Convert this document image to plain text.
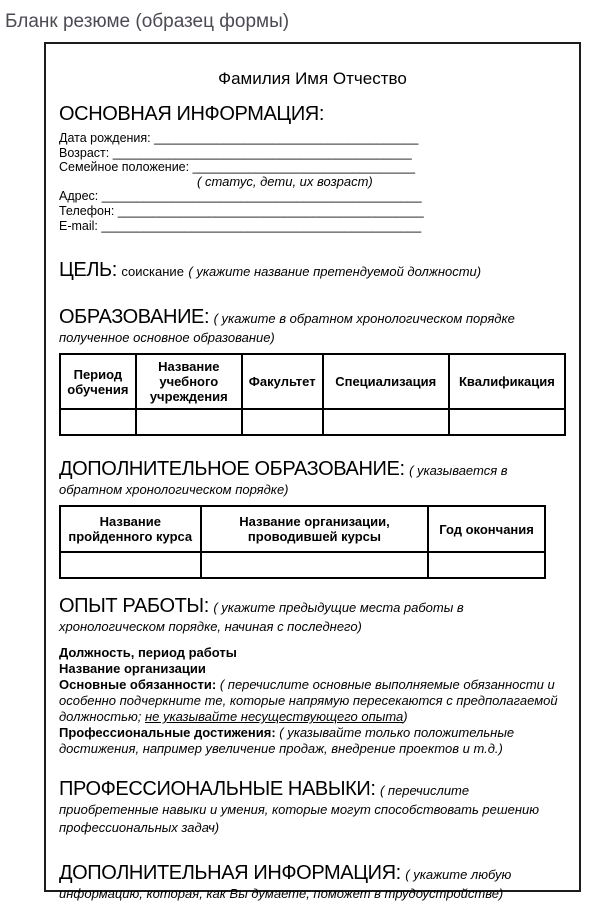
Бланк резюме (образец формы)
Фамилия Имя Отчество
ОСНОВНАЯ ИНФОРМАЦИЯ:
Дата рождения: ______________________________________
Возраст: ___________________________________________
Семейное положение: ________________________________
( статус, дети, их возраст)
Адрес: ______________________________________________
Телефон: ____________________________________________
E-mail: ______________________________________________
ЦЕЛЬ: соискание ( укажите название претендуемой должности)
ОБРАЗОВАНИЕ: ( укажите в обратном хронологическом порядке полученное основное образование)
Период обучения	Название учебного учреждения	Факультет	Специализация	Квалификация

ДОПОЛНИТЕЛЬНОЕ ОБРАЗОВАНИЕ: ( указывается в обратном хронологическом порядке)
Название пройденного курса	Название организации, проводившей курсы	Год окончания

ОПЫТ РАБОТЫ: ( укажите предыдущие места работы в хронологическом порядке, начиная с последнего)
Должность, период работы
Название организации
Основные обязанности: ( перечислите основные выполняемые обязанности и особенно подчеркните те, которые напрямую пересекаются с предполагаемой должностью; не указывайте несуществующего опыта)
Профессиональные достижения: ( указывайте только положительные достижения, например увеличение продаж, внедрение проектов и т.д.)
ПРОФЕССИОНАЛЬНЫЕ НАВЫКИ: ( перечислите приобретенные навыки и умения, которые могут способствовать решению профессиональных задач)
ДОПОЛНИТЕЛЬНАЯ ИНФОРМАЦИЯ: ( укажите любую информацию, которая, как Вы думаете, поможет в трудоустройстве)
